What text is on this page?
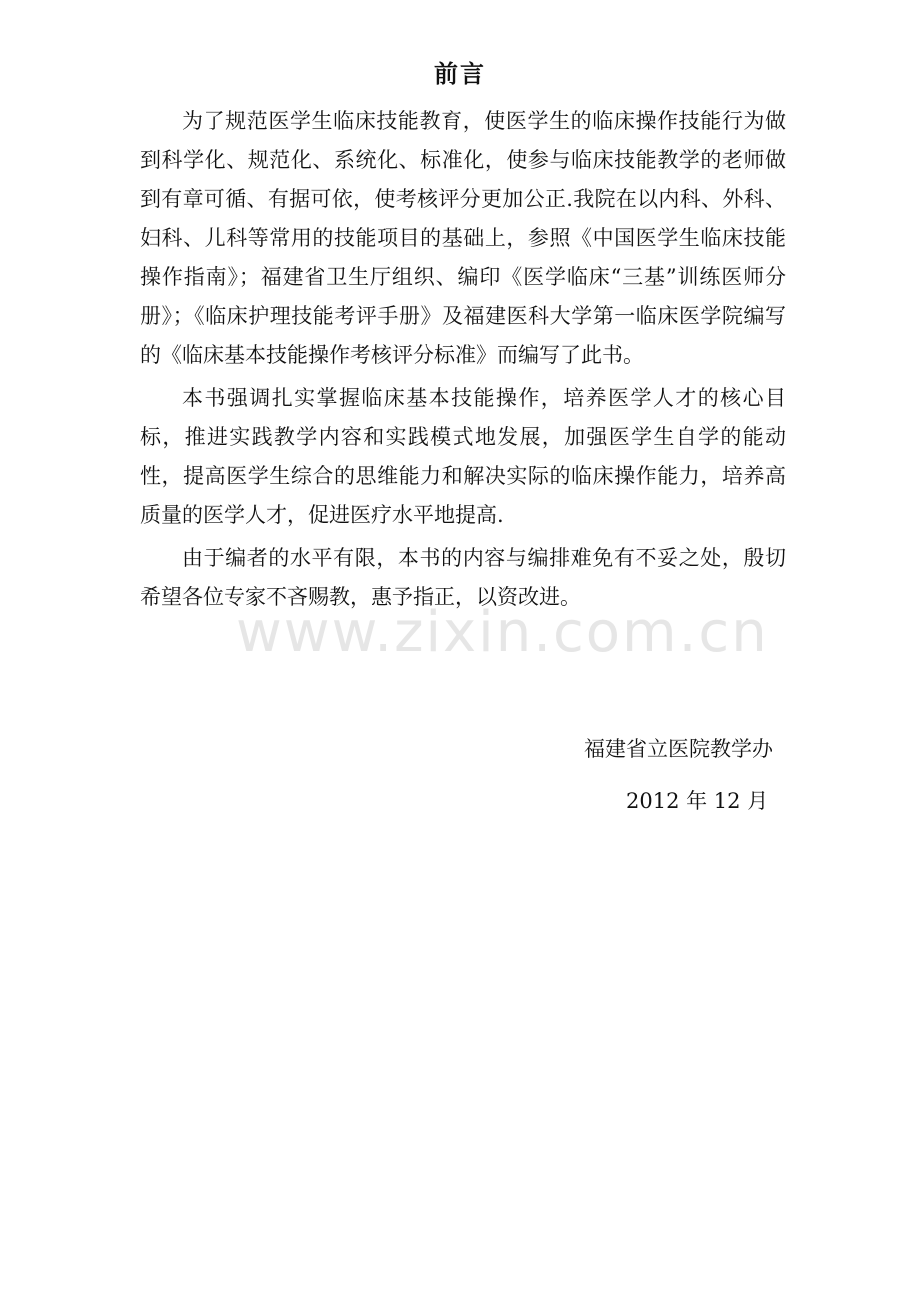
www.zixin.com.cn
前言

为了规范医学生临床技能教育，使医学生的临床操作技能行为做到科学化、规范化、系统化、标准化，使参与临床技能教学的老师做到有章可循、有据可依，使考核评分更加公正.我院在以内科、外科、妇科、儿科等常用的技能项目的基础上，参照《中国医学生临床技能操作指南》；福建省卫生厅组织、编印《医学临床“三基”训练医师分册》；《临床护理技能考评手册》及福建医科大学第一临床医学院编写的《临床基本技能操作考核评分标准》而编写了此书。

本书强调扎实掌握临床基本技能操作，培养医学人才的核心目标，推进实践教学内容和实践模式地发展，加强医学生自学的能动性，提高医学生综合的思维能力和解决实际的临床操作能力，培养高质量的医学人才，促进医疗水平地提高.

由于编者的水平有限，本书的内容与编排难免有不妥之处，殷切希望各位专家不吝赐教，惠予指正，以资改进。

福建省立医院教学办
2012 年 12 月
